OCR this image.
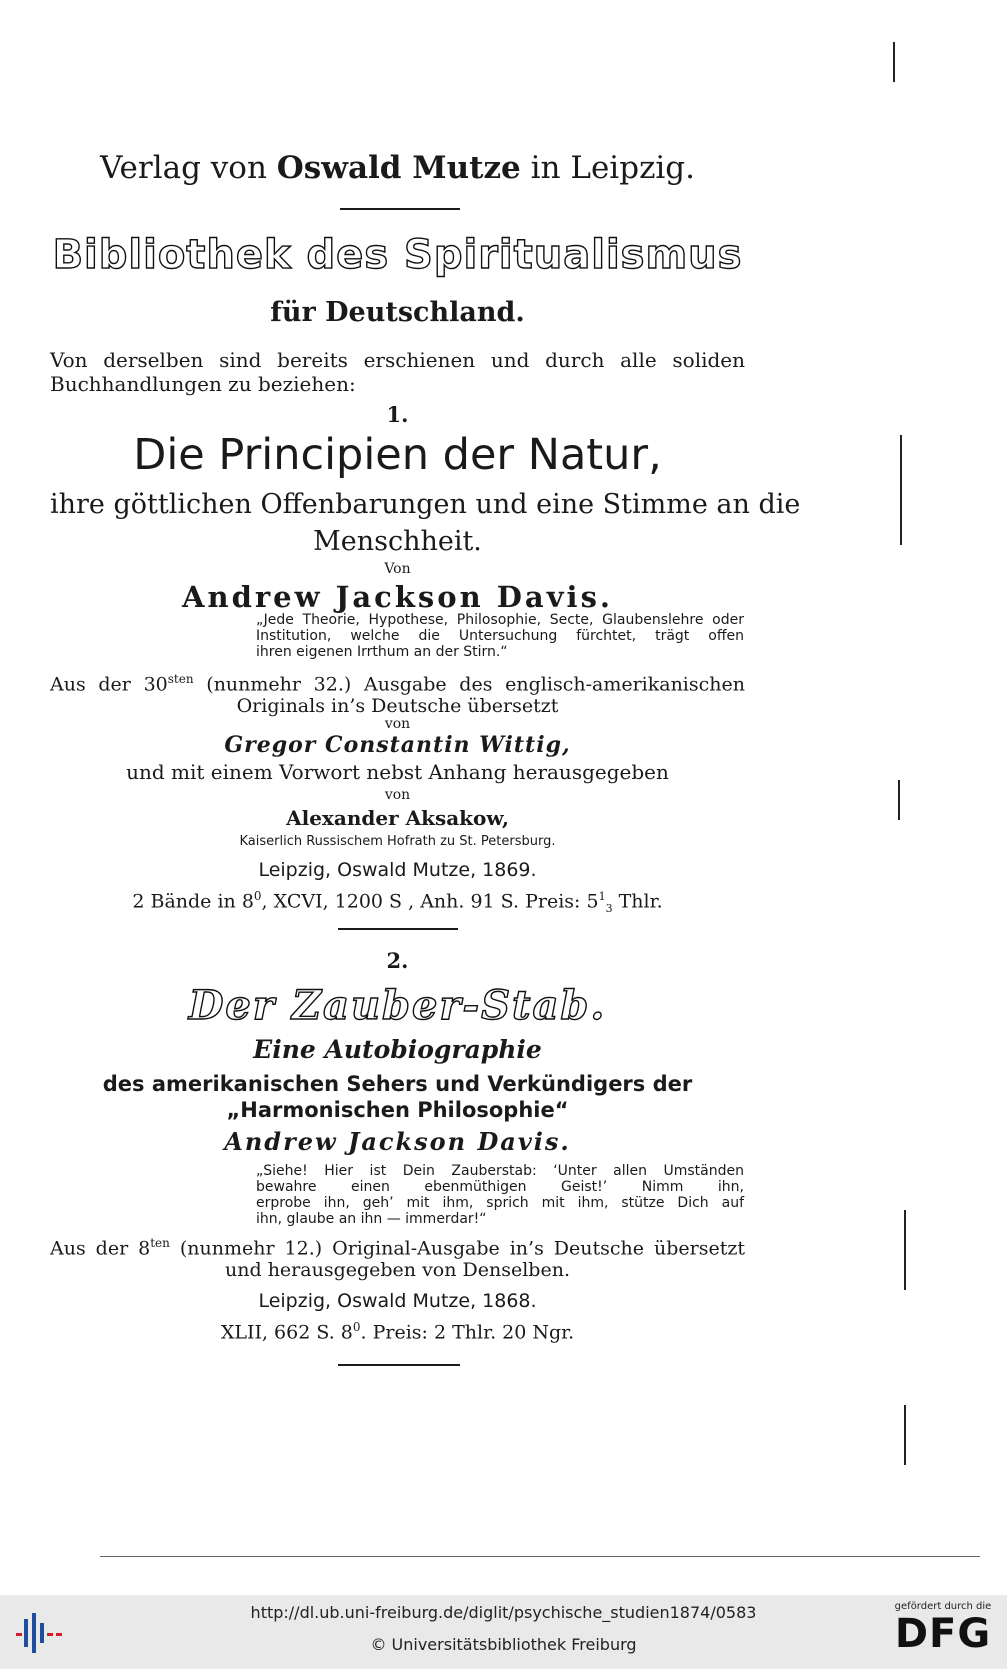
Verlag von Oswald Mutze in Leipzig.
Bibliothek des Spiritualismus
für Deutschland.
Von derselben sind bereits erschienen und durch alle soliden
Buchhandlungen zu beziehen:
1.
Die Principien der Natur,
ihre göttlichen Offenbarungen und eine Stimme an die
Menschheit.
Von
Andrew Jackson Davis.
„Jede Theorie, Hypothese, Philosophie, Secte, Glaubenslehre oder
Institution, welche die Untersuchung fürchtet, trägt offen
ihren eigenen Irrthum an der Stirn.“
Aus der $30^{sten}$ (nunmehr 32.) Ausgabe des englisch-amerikanischen
Originals in’s Deutsche übersetzt
von
Gregor Constantin Wittig,
und mit einem Vorwort nebst Anhang herausgegeben
von
Alexander Aksakow,
Kaiserlich Russischem Hofrath zu St. Petersburg.
Leipzig, Oswald Mutze, 1869.
2 Bände in $8^0$, XCVI, 1200 S , Anh. 91 S. Preis: $5^1_3$ Thlr.
2.
Der Zauber-Stab.
Eine Autobiographie
des amerikanischen Sehers und Verkündigers der
„Harmonischen Philosophie“
Andrew Jackson Davis.
„Siehe! Hier ist Dein Zauberstab: ‘Unter allen Umständen
bewahre einen ebenmüthigen Geist!’ Nimm ihn,
erprobe ihn, geh’ mit ihm, sprich mit ihm, stütze Dich auf
ihn, glaube an ihn — immerdar!“
Aus der $8^{ten}$ (nunmehr 12.) Original-Ausgabe in’s Deutsche übersetzt
und herausgegeben von Denselben.
Leipzig, Oswald Mutze, 1868.
XLII, 662 S. $8^0$. Preis: 2 Thlr. 20 Ngr.
http://dl.ub.uni-freiburg.de/diglit/psychische_studien1874/0583
© Universitätsbibliothek Freiburg
gefördert durch die
DFG
